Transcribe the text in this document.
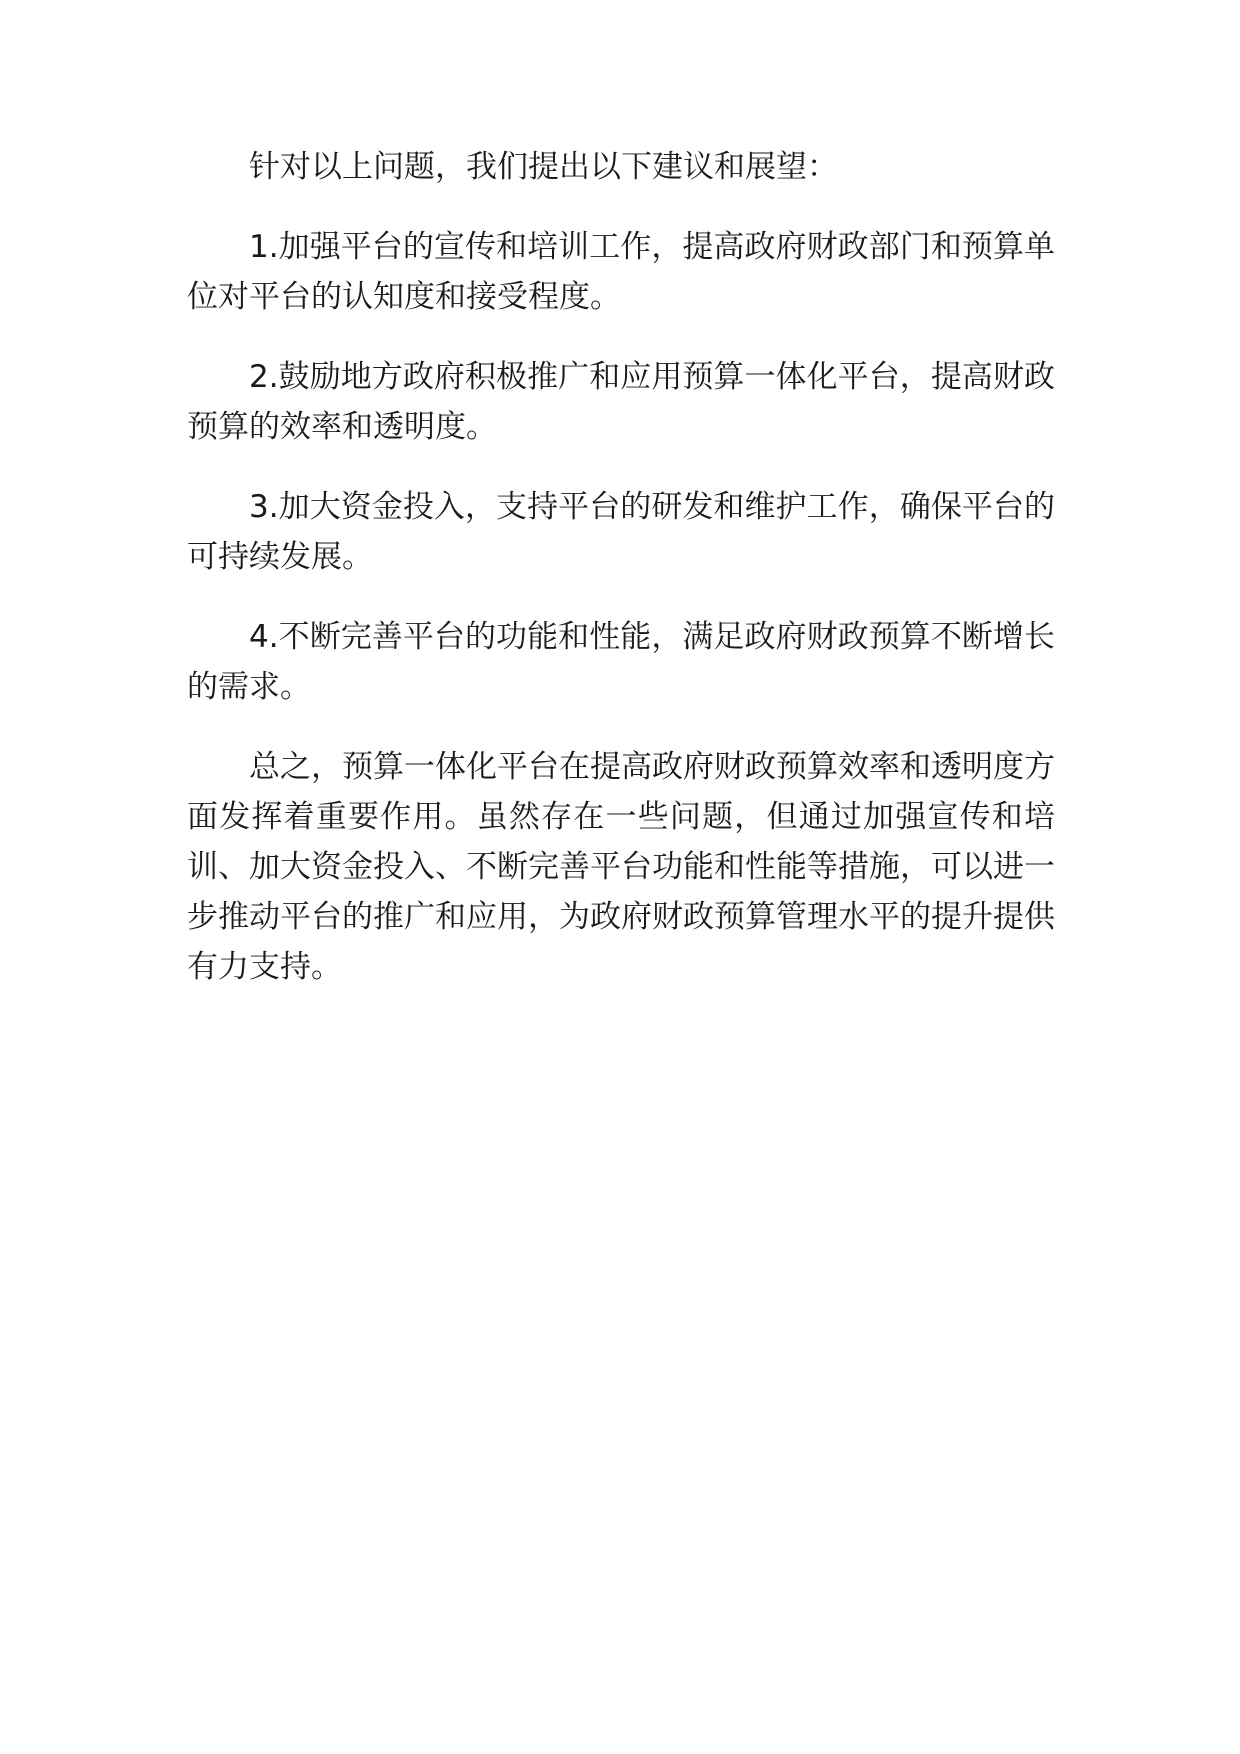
针对以上问题，我们提出以下建议和展望：

1.加强平台的宣传和培训工作，提高政府财政部门和预算单位对平台的认知度和接受程度。

2.鼓励地方政府积极推广和应用预算一体化平台，提高财政预算的效率和透明度。

3.加大资金投入，支持平台的研发和维护工作，确保平台的可持续发展。

4.不断完善平台的功能和性能，满足政府财政预算不断增长的需求。

总之，预算一体化平台在提高政府财政预算效率和透明度方面发挥着重要作用。虽然存在一些问题，但通过加强宣传和培训、加大资金投入、不断完善平台功能和性能等措施，可以进一步推动平台的推广和应用，为政府财政预算管理水平的提升提供有力支持。
